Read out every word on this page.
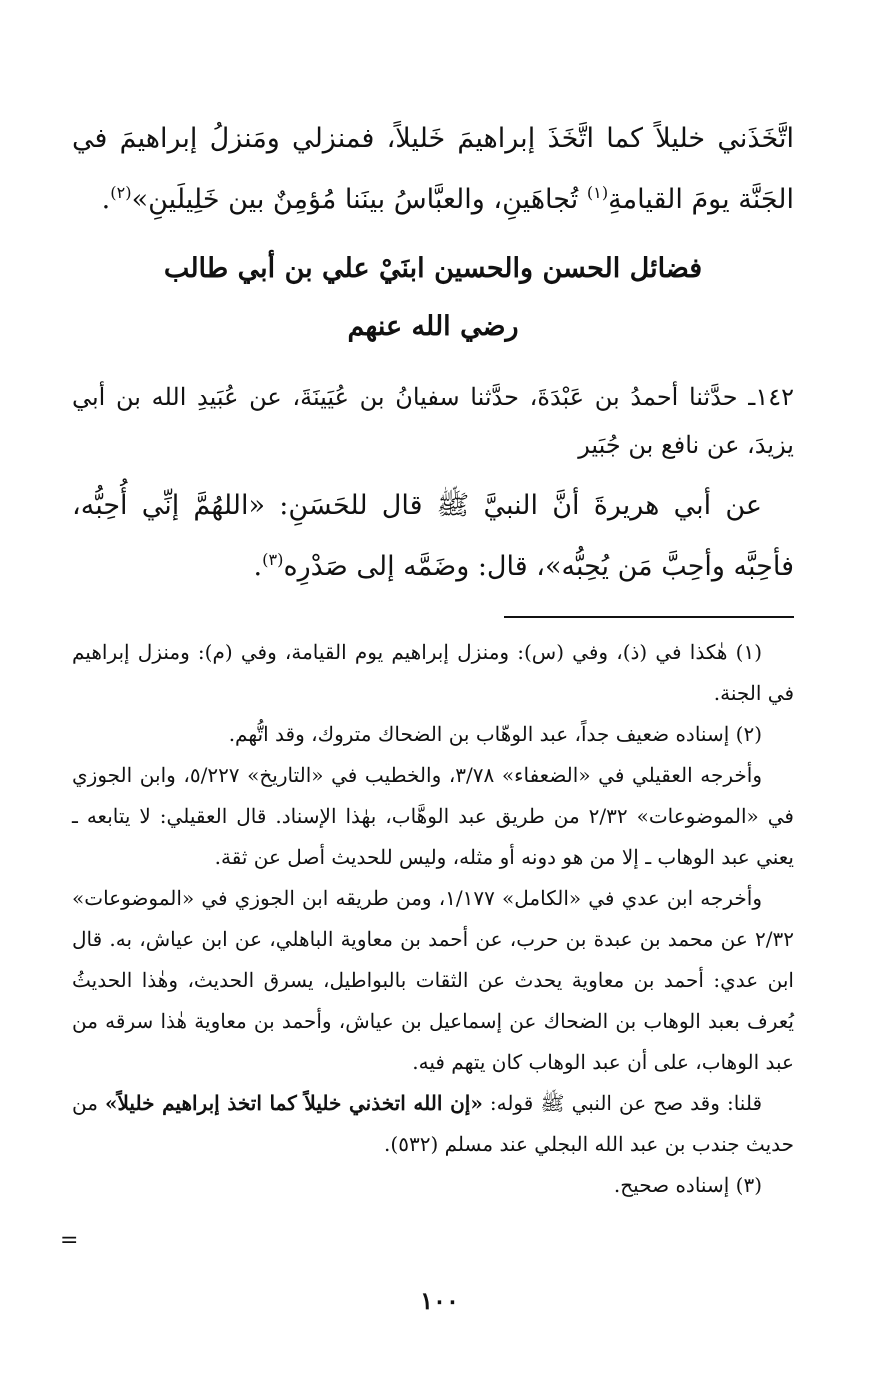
اتَّخَذَني خليلاً كما اتَّخَذَ إبراهيمَ خَليلاً، فمنزلي ومَنزلُ إبراهيمَ في الجَنَّة يومَ القيامةِ$^{(١)}$ تُجاهَينِ، والعبَّاسُ بينَنا مُؤمِنٌ بين خَلِيلَينِ»$^{(٢)}$.

فضائل الحسن والحسين ابنَيْ علي بن أبي طالب

رضي الله عنهم

١٤٢ـ حدَّثنا أحمدُ بن عَبْدَةَ، حدَّثنا سفيانُ بن عُيَينَةَ، عن عُبَيدِ الله بن أبي يزيدَ، عن نافع بن جُبَير

عن أبي هريرةَ أنَّ النبيَّ ﷺ قال للحَسَنِ: «اللهُمَّ إنِّي أُحِبُّه، فأحِبَّه وأحِبَّ مَن يُحِبُّه»، قال: وضَمَّه إلى صَدْرِه$^{(٣)}$.

(١) هٰكذا في (ذ)، وفي (س): ومنزل إبراهيم يوم القيامة، وفي (م): ومنزل إبراهيم في الجنة.

(٢) إسناده ضعيف جداً، عبد الوهّاب بن الضحاك متروك، وقد اتُّهم.

وأخرجه العقيلي في «الضعفاء» ٣/٧٨، والخطيب في «التاريخ» ٥/٢٢٧، وابن الجوزي في «الموضوعات» ٢/٣٢ من طريق عبد الوهَّاب، بهٰذا الإسناد. قال العقيلي: لا يتابعه ـ يعني عبد الوهاب ـ إلا من هو دونه أو مثله، وليس للحديث أصل عن ثقة.

وأخرجه ابن عدي في «الكامل» ١/١٧٧، ومن طريقه ابن الجوزي في «الموضوعات» ٢/٣٢ عن محمد بن عبدة بن حرب، عن أحمد بن معاوية الباهلي، عن ابن عياش، به. قال ابن عدي: أحمد بن معاوية يحدث عن الثقات بالبواطيل، يسرق الحديث، وهٰذا الحديثُ يُعرف بعبد الوهاب بن الضحاك عن إسماعيل بن عياش، وأحمد بن معاوية هٰذا سرقه من عبد الوهاب، على أن عبد الوهاب كان يتهم فيه.

قلنا: وقد صح عن النبي ﷺ قوله: «إن الله اتخذني خليلاً كما اتخذ إبراهيم خليلاً» من حديث جندب بن عبد الله البجلي عند مسلم (٥٣٢).

(٣) إسناده صحيح.

=
١٠٠
